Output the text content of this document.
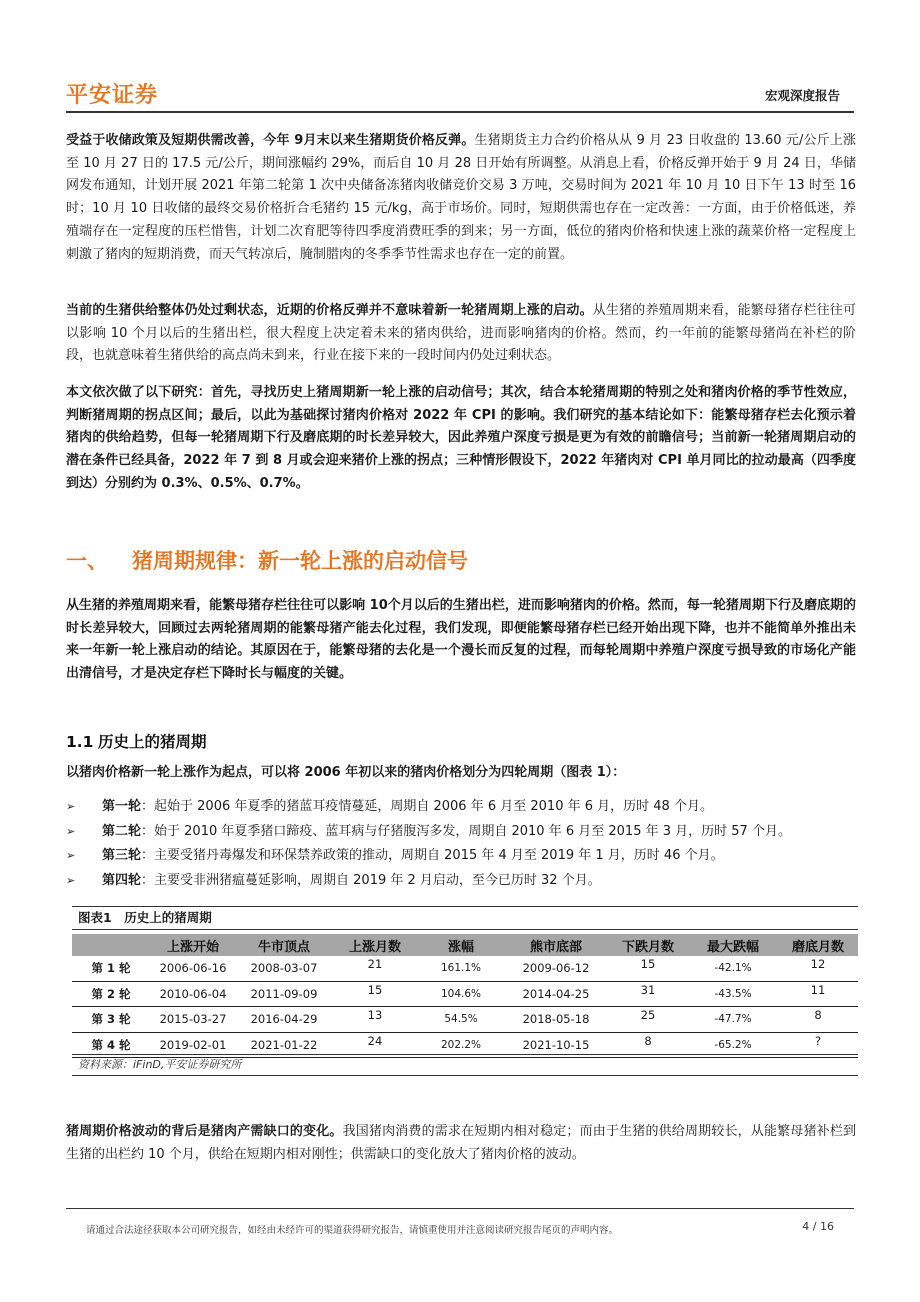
平安证券	宏观深度报告

受益于收储政策及短期供需改善，今年 9月末以来生猪期货价格反弹。生猪期货主力合约价格从从 9 月 23 日收盘的 13.60 元/公斤上涨至 10 月 27 日的 17.5 元/公斤，期间涨幅约 29%，而后自 10 月 28 日开始有所调整。从消息上看，价格反弹开始于 9 月 24 日，华储网发布通知，计划开展 2021 年第二轮第 1 次中央储备冻猪肉收储竞价交易 3 万吨，交易时间为 2021 年 10 月 10 日下午 13 时至 16 时；10 月 10 日收储的最终交易价格折合毛猪约 15 元/kg，高于市场价。同时，短期供需也存在一定改善：一方面，由于价格低迷，养殖端存在一定程度的压栏惜售，计划二次育肥等待四季度消费旺季的到来；另一方面，低位的猪肉价格和快速上涨的蔬菜价格一定程度上刺激了猪肉的短期消费，而天气转凉后，腌制腊肉的冬季季节性需求也存在一定的前置。

当前的生猪供给整体仍处过剩状态，近期的价格反弹并不意味着新一轮猪周期上涨的启动。从生猪的养殖周期来看，能繁母猪存栏往往可以影响 10 个月以后的生猪出栏，很大程度上决定着未来的猪肉供给，进而影响猪肉的价格。然而，约一年前的能繁母猪尚在补栏的阶段，也就意味着生猪供给的高点尚未到来，行业在接下来的一段时间内仍处过剩状态。

本文依次做了以下研究：首先，寻找历史上猪周期新一轮上涨的启动信号；其次，结合本轮猪周期的特别之处和猪肉价格的季节性效应，判断猪周期的拐点区间；最后，以此为基础探讨猪肉价格对 2022 年 CPI 的影响。我们研究的基本结论如下：能繁母猪存栏去化预示着猪肉的供给趋势，但每一轮猪周期下行及磨底期的时长差异较大，因此养殖户深度亏损是更为有效的前瞻信号；当前新一轮猪周期启动的潜在条件已经具备，2022 年 7 到 8 月或会迎来猪价上涨的拐点；三种情形假设下，2022 年猪肉对 CPI 单月同比的拉动最高（四季度到达）分别约为 0.3%、0.5%、0.7%。

一、 猪周期规律：新一轮上涨的启动信号

从生猪的养殖周期来看，能繁母猪存栏往往可以影响 10个月以后的生猪出栏，进而影响猪肉的价格。然而，每一轮猪周期下行及磨底期的时长差异较大，回顾过去两轮猪周期的能繁母猪产能去化过程，我们发现，即便能繁母猪存栏已经开始出现下降，也并不能简单外推出未来一年新一轮上涨启动的结论。其原因在于，能繁母猪的去化是一个漫长而反复的过程，而每轮周期中养殖户深度亏损导致的市场化产能出清信号，才是决定存栏下降时长与幅度的关键。

1.1 历史上的猪周期

以猪肉价格新一轮上涨作为起点，可以将 2006 年初以来的猪肉价格划分为四轮周期（图表 1）：

➢ 第一轮：起始于 2006 年夏季的猪蓝耳疫情蔓延，周期自 2006 年 6 月至 2010 年 6 月，历时 48 个月。
➢ 第二轮：始于 2010 年夏季猪口蹄疫、蓝耳病与仔猪腹泻多发，周期自 2010 年 6 月至 2015 年 3 月，历时 57 个月。
➢ 第三轮：主要受猪丹毒爆发和环保禁养政策的推动，周期自 2015 年 4 月至 2019 年 1 月，历时 46 个月。
➢ 第四轮：主要受非洲猪瘟蔓延影响，周期自 2019 年 2 月启动，至今已历时 32 个月。
图表1　历史上的猪周期
	上涨开始	牛市顶点	上涨月数	涨幅	熊市底部	下跌月数	最大跌幅	磨底月数
第 1 轮	2006-06-16	2008-03-07	21	161.1%	2009-06-12	15	-42.1%	12
第 2 轮	2010-06-04	2011-09-09	15	104.6%	2014-04-25	31	-43.5%	11
第 3 轮	2015-03-27	2016-04-29	13	54.5%	2018-05-18	25	-47.7%	8
第 4 轮	2019-02-01	2021-01-22	24	202.2%	2021-10-15	8	-65.2%	?
资料来源：iFinD,平安证券研究所

猪周期价格波动的背后是猪肉产需缺口的变化。我国猪肉消费的需求在短期内相对稳定；而由于生猪的供给周期较长，从能繁母猪补栏到生猪的出栏约 10 个月，供给在短期内相对刚性；供需缺口的变化放大了猪肉价格的波动。

请通过合法途径获取本公司研究报告，如经由未经许可的渠道获得研究报告，请慎重使用并注意阅读研究报告尾页的声明内容。	4 / 16
